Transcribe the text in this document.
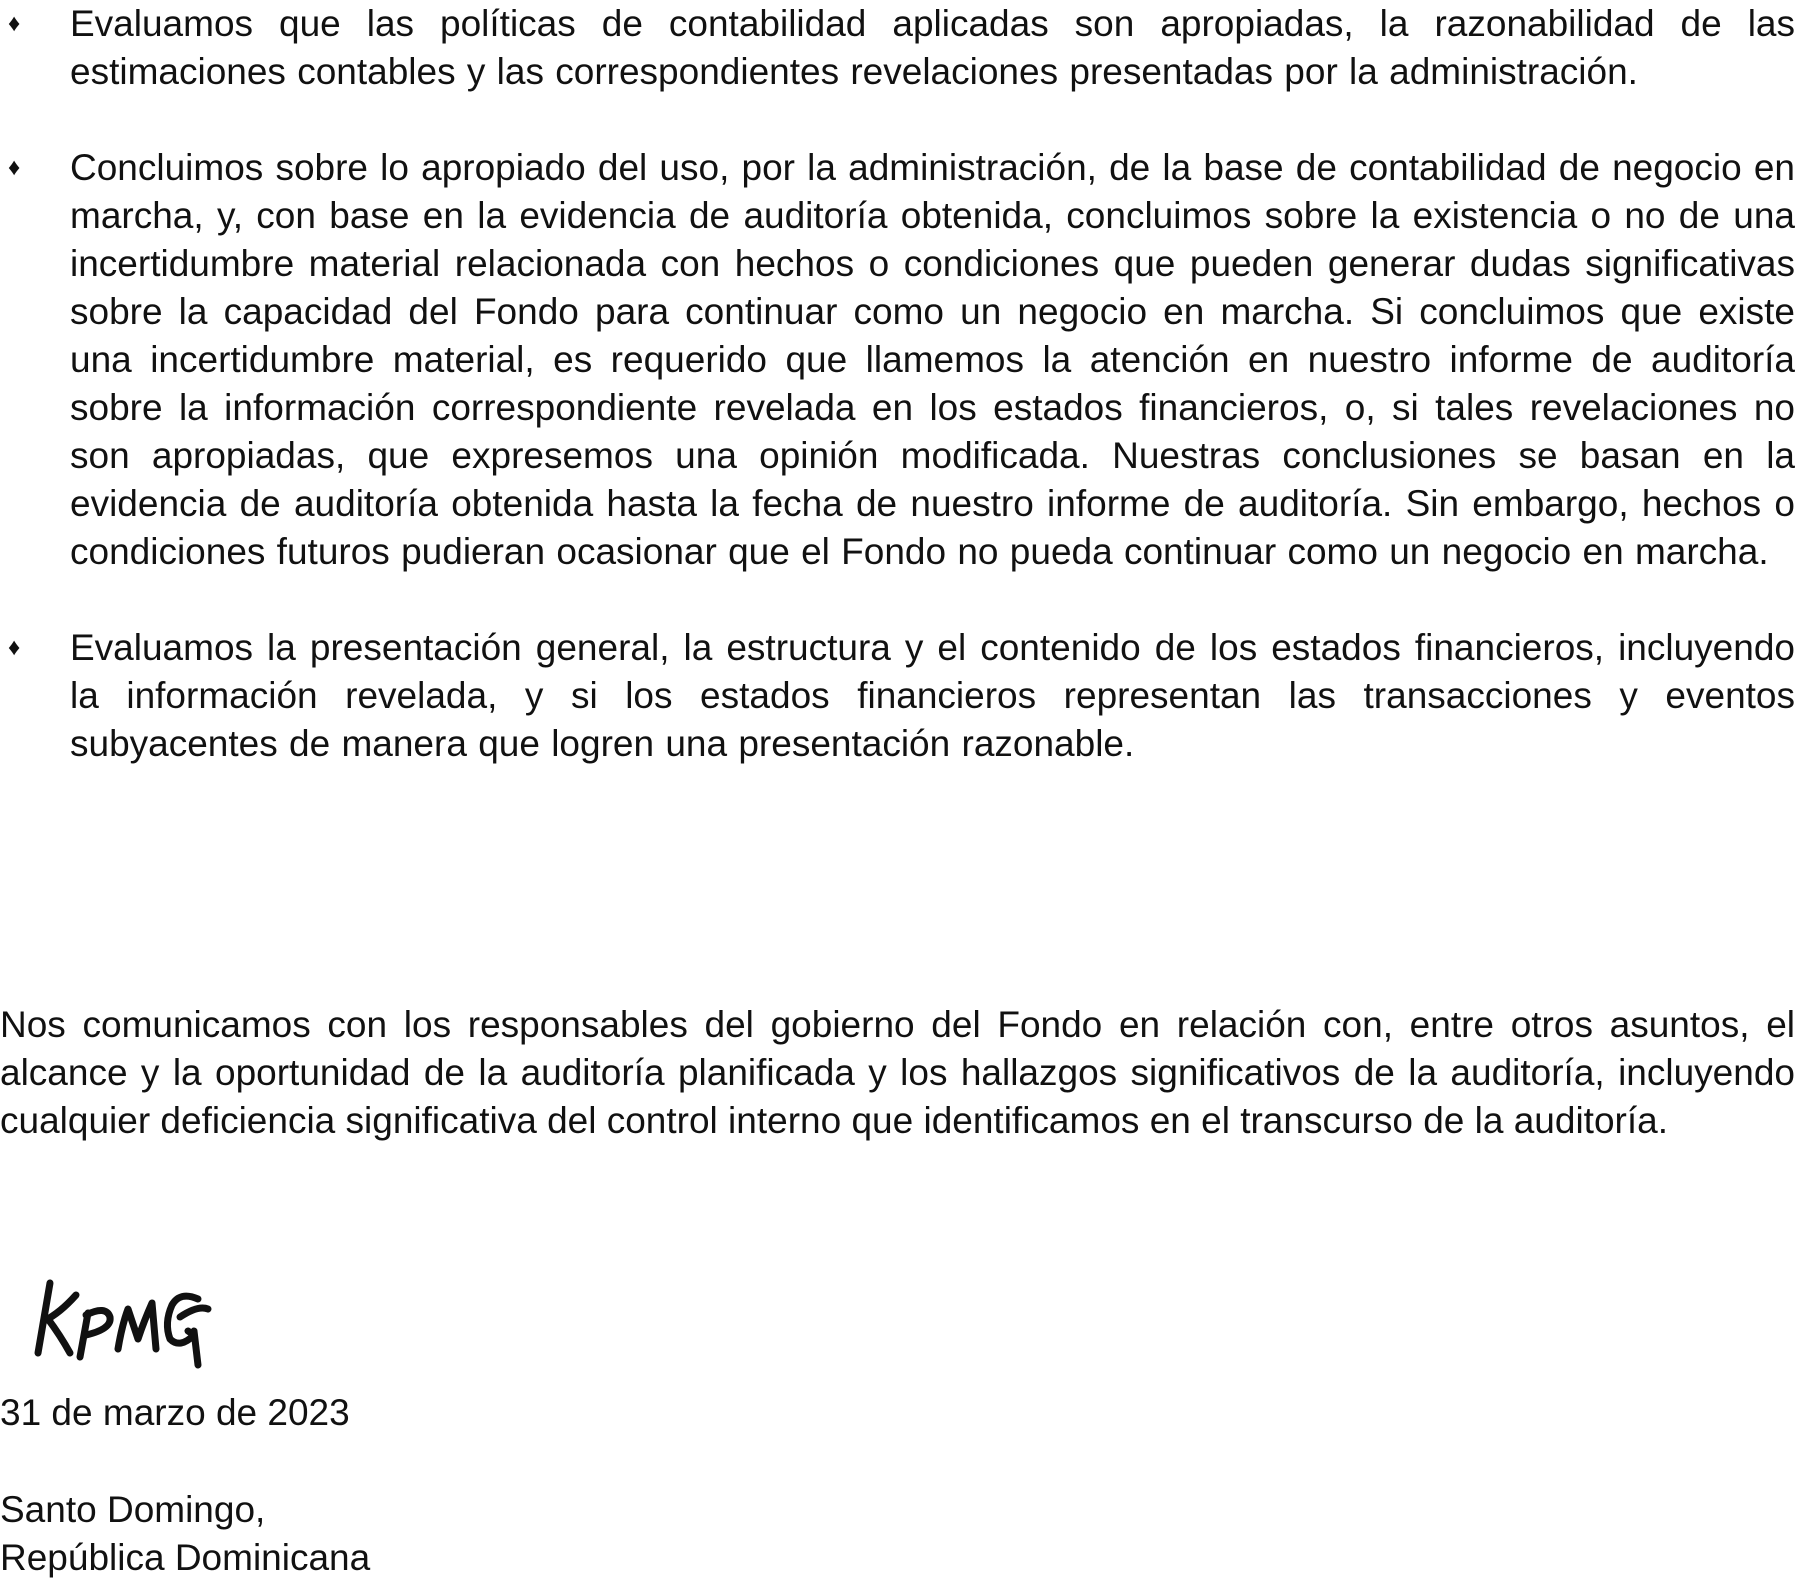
♦	Evaluamos que las políticas de contabilidad aplicadas son apropiadas, la razonabilidad de las estimaciones contables y las correspondientes revelaciones presentadas por la administración.
♦	Concluimos sobre lo apropiado del uso, por la administración, de la base de contabilidad de negocio en marcha, y, con base en la evidencia de auditoría obtenida, concluimos sobre la existencia o no de una incertidumbre material relacionada con hechos o condiciones que pueden generar dudas significativas sobre la capacidad del Fondo para continuar como un negocio en marcha. Si concluimos que existe una incertidumbre material, es requerido que llamemos la atención en nuestro informe de auditoría sobre la información correspondiente revelada en los estados financieros, o, si tales revelaciones no son apropiadas, que expresemos una opinión modificada. Nuestras conclusiones se basan en la evidencia de auditoría obtenida hasta la fecha de nuestro informe de auditoría. Sin embargo, hechos o condiciones futuros pudieran ocasionar que el Fondo no pueda continuar como un negocio en marcha.
♦	Evaluamos la presentación general, la estructura y el contenido de los estados financieros, incluyendo la información revelada, y si los estados financieros representan las transacciones y eventos subyacentes de manera que logren una presentación razonable.

Nos comunicamos con los responsables del gobierno del Fondo en relación con, entre otros asuntos, el alcance y la oportunidad de la auditoría planificada y los hallazgos significativos de la auditoría, incluyendo cualquier deficiencia significativa del control interno que identificamos en el transcurso de la auditoría.

31 de marzo de 2023

Santo Domingo,

República Dominicana
